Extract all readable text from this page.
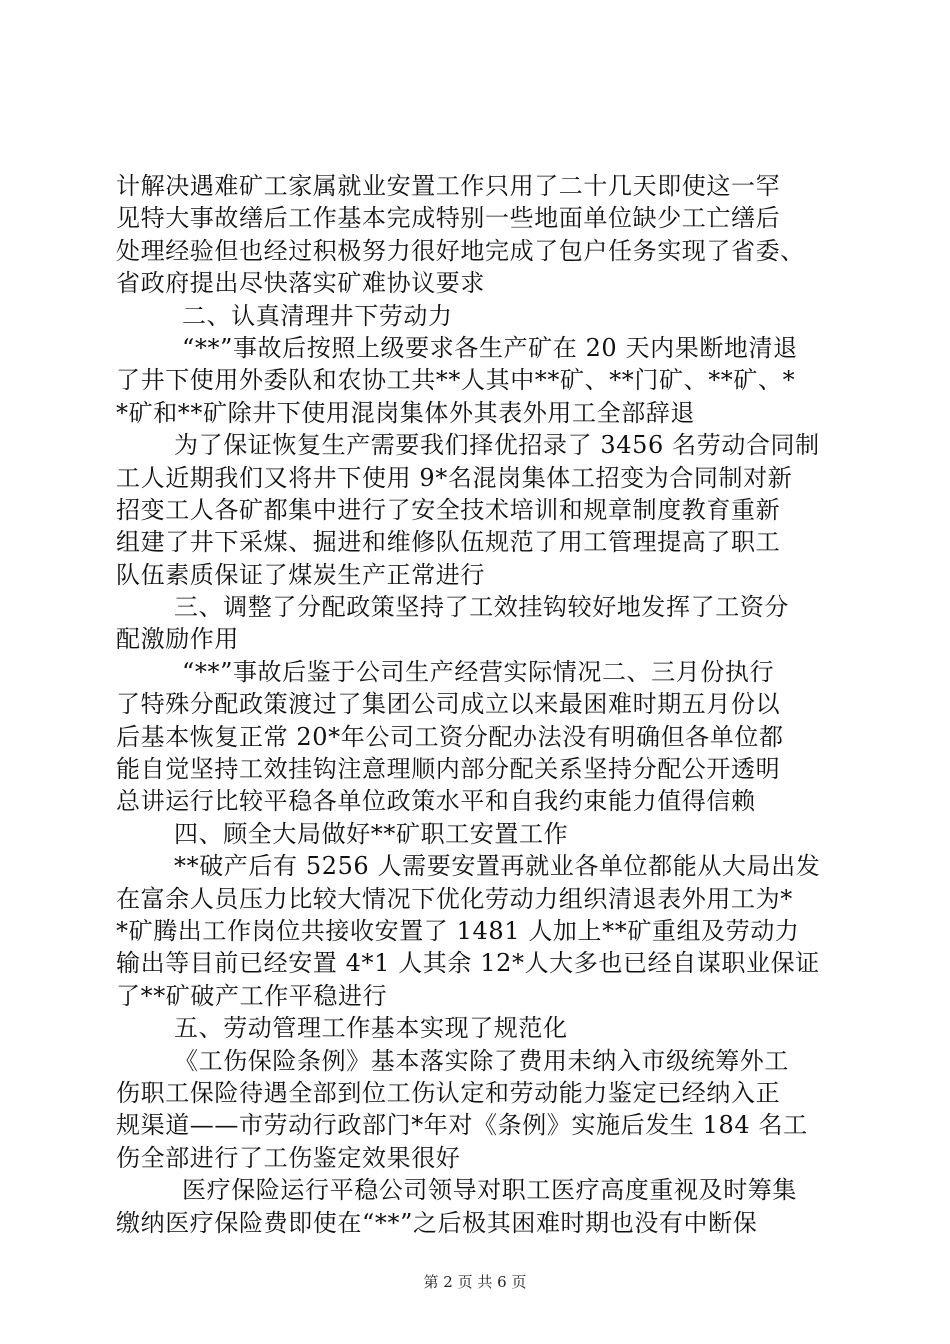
计解决遇难矿工家属就业安置工作只用了二十几天即使这一罕
见特大事故缮后工作基本完成特别一些地面单位缺少工亡缮后
处理经验但也经过积极努力很好地完成了包户任务实现了省委、
省政府提出尽快落实矿难协议要求
二、认真清理井下劳动力
“**”事故后按照上级要求各生产矿在 20 天内果断地清退
了井下使用外委队和农协工共**人其中**矿、**门矿、**矿、*
*矿和**矿除井下使用混岗集体外其表外用工全部辞退
为了保证恢复生产需要我们择优招录了 3456 名劳动合同制
工人近期我们又将井下使用 9*名混岗集体工招变为合同制对新
招变工人各矿都集中进行了安全技术培训和规章制度教育重新
组建了井下采煤、掘进和维修队伍规范了用工管理提高了职工
队伍素质保证了煤炭生产正常进行
三、调整了分配政策坚持了工效挂钩较好地发挥了工资分
配激励作用
“**”事故后鉴于公司生产经营实际情况二、三月份执行
了特殊分配政策渡过了集团公司成立以来最困难时期五月份以
后基本恢复正常 20*年公司工资分配办法没有明确但各单位都
能自觉坚持工效挂钩注意理顺内部分配关系坚持分配公开透明
总讲运行比较平稳各单位政策水平和自我约束能力值得信赖
四、顾全大局做好**矿职工安置工作
**破产后有 5256 人需要安置再就业各单位都能从大局出发
在富余人员压力比较大情况下优化劳动力组织清退表外用工为*
*矿腾出工作岗位共接收安置了 1481 人加上**矿重组及劳动力
输出等目前已经安置 4*1 人其余 12*人大多也已经自谋职业保证
了**矿破产工作平稳进行
五、劳动管理工作基本实现了规范化
《工伤保险条例》基本落实除了费用未纳入市级统筹外工
伤职工保险待遇全部到位工伤认定和劳动能力鉴定已经纳入正
规渠道——市劳动行政部门*年对《条例》实施后发生 184 名工
伤全部进行了工伤鉴定效果很好
医疗保险运行平稳公司领导对职工医疗高度重视及时筹集
缴纳医疗保险费即使在“**”之后极其困难时期也没有中断保
第 2 页 共 6 页
